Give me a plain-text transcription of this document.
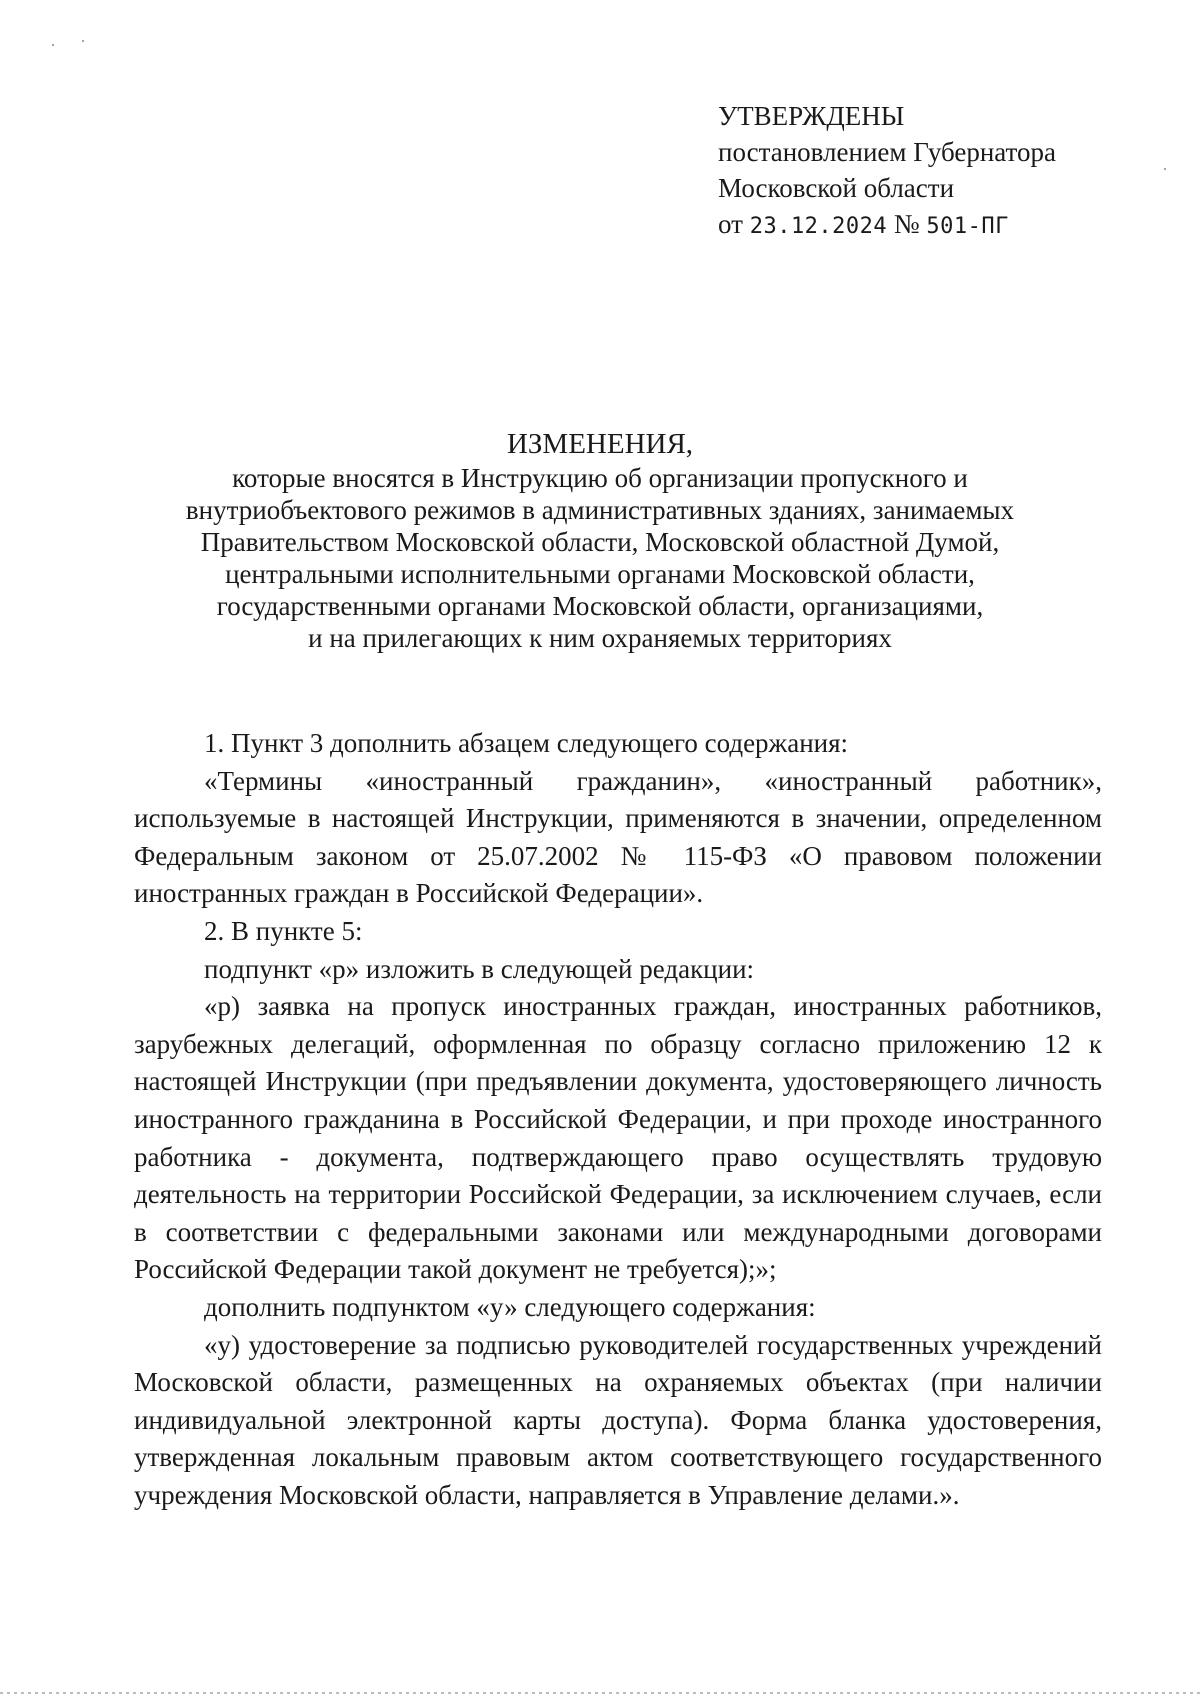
УТВЕРЖДЕНЫ
постановлением Губернатора
Московской области
от 23.12.2024 № 501-ПГ
ИЗМЕНЕНИЯ,
которые вносятся в Инструкцию об организации пропускного и
внутриобъектового режимов в административных зданиях, занимаемых
Правительством Московской области, Московской областной Думой,
центральными исполнительными органами Московской области,
государственными органами Московской области, организациями,
и на прилегающих к ним охраняемых территориях

1. Пункт 3 дополнить абзацем следующего содержания:

«Термины «иностранный гражданин», «иностранный работник», используемые в настоящей Инструкции, применяются в значении, определенном Федеральным законом от 25.07.2002 № 115-ФЗ «О правовом положении иностранных граждан в Российской Федерации».

2. В пункте 5:

подпункт «р» изложить в следующей редакции:

«р) заявка на пропуск иностранных граждан, иностранных работников, зарубежных делегаций, оформленная по образцу согласно приложению 12 к настоящей Инструкции (при предъявлении документа, удостоверяющего личность иностранного гражданина в Российской Федерации, и при проходе иностранного работника - документа, подтверждающего право осуществлять трудовую деятельность на территории Российской Федерации, за исключением случаев, если в соответствии с федеральными законами или международными договорами Российской Федерации такой документ не требуется);»;

дополнить подпунктом «у» следующего содержания:

«у) удостоверение за подписью руководителей государственных учреждений Московской области, размещенных на охраняемых объектах (при наличии индивидуальной электронной карты доступа). Форма бланка удостоверения, утвержденная локальным правовым актом соответствующего государственного учреждения Московской области, направляется в Управление делами.».
